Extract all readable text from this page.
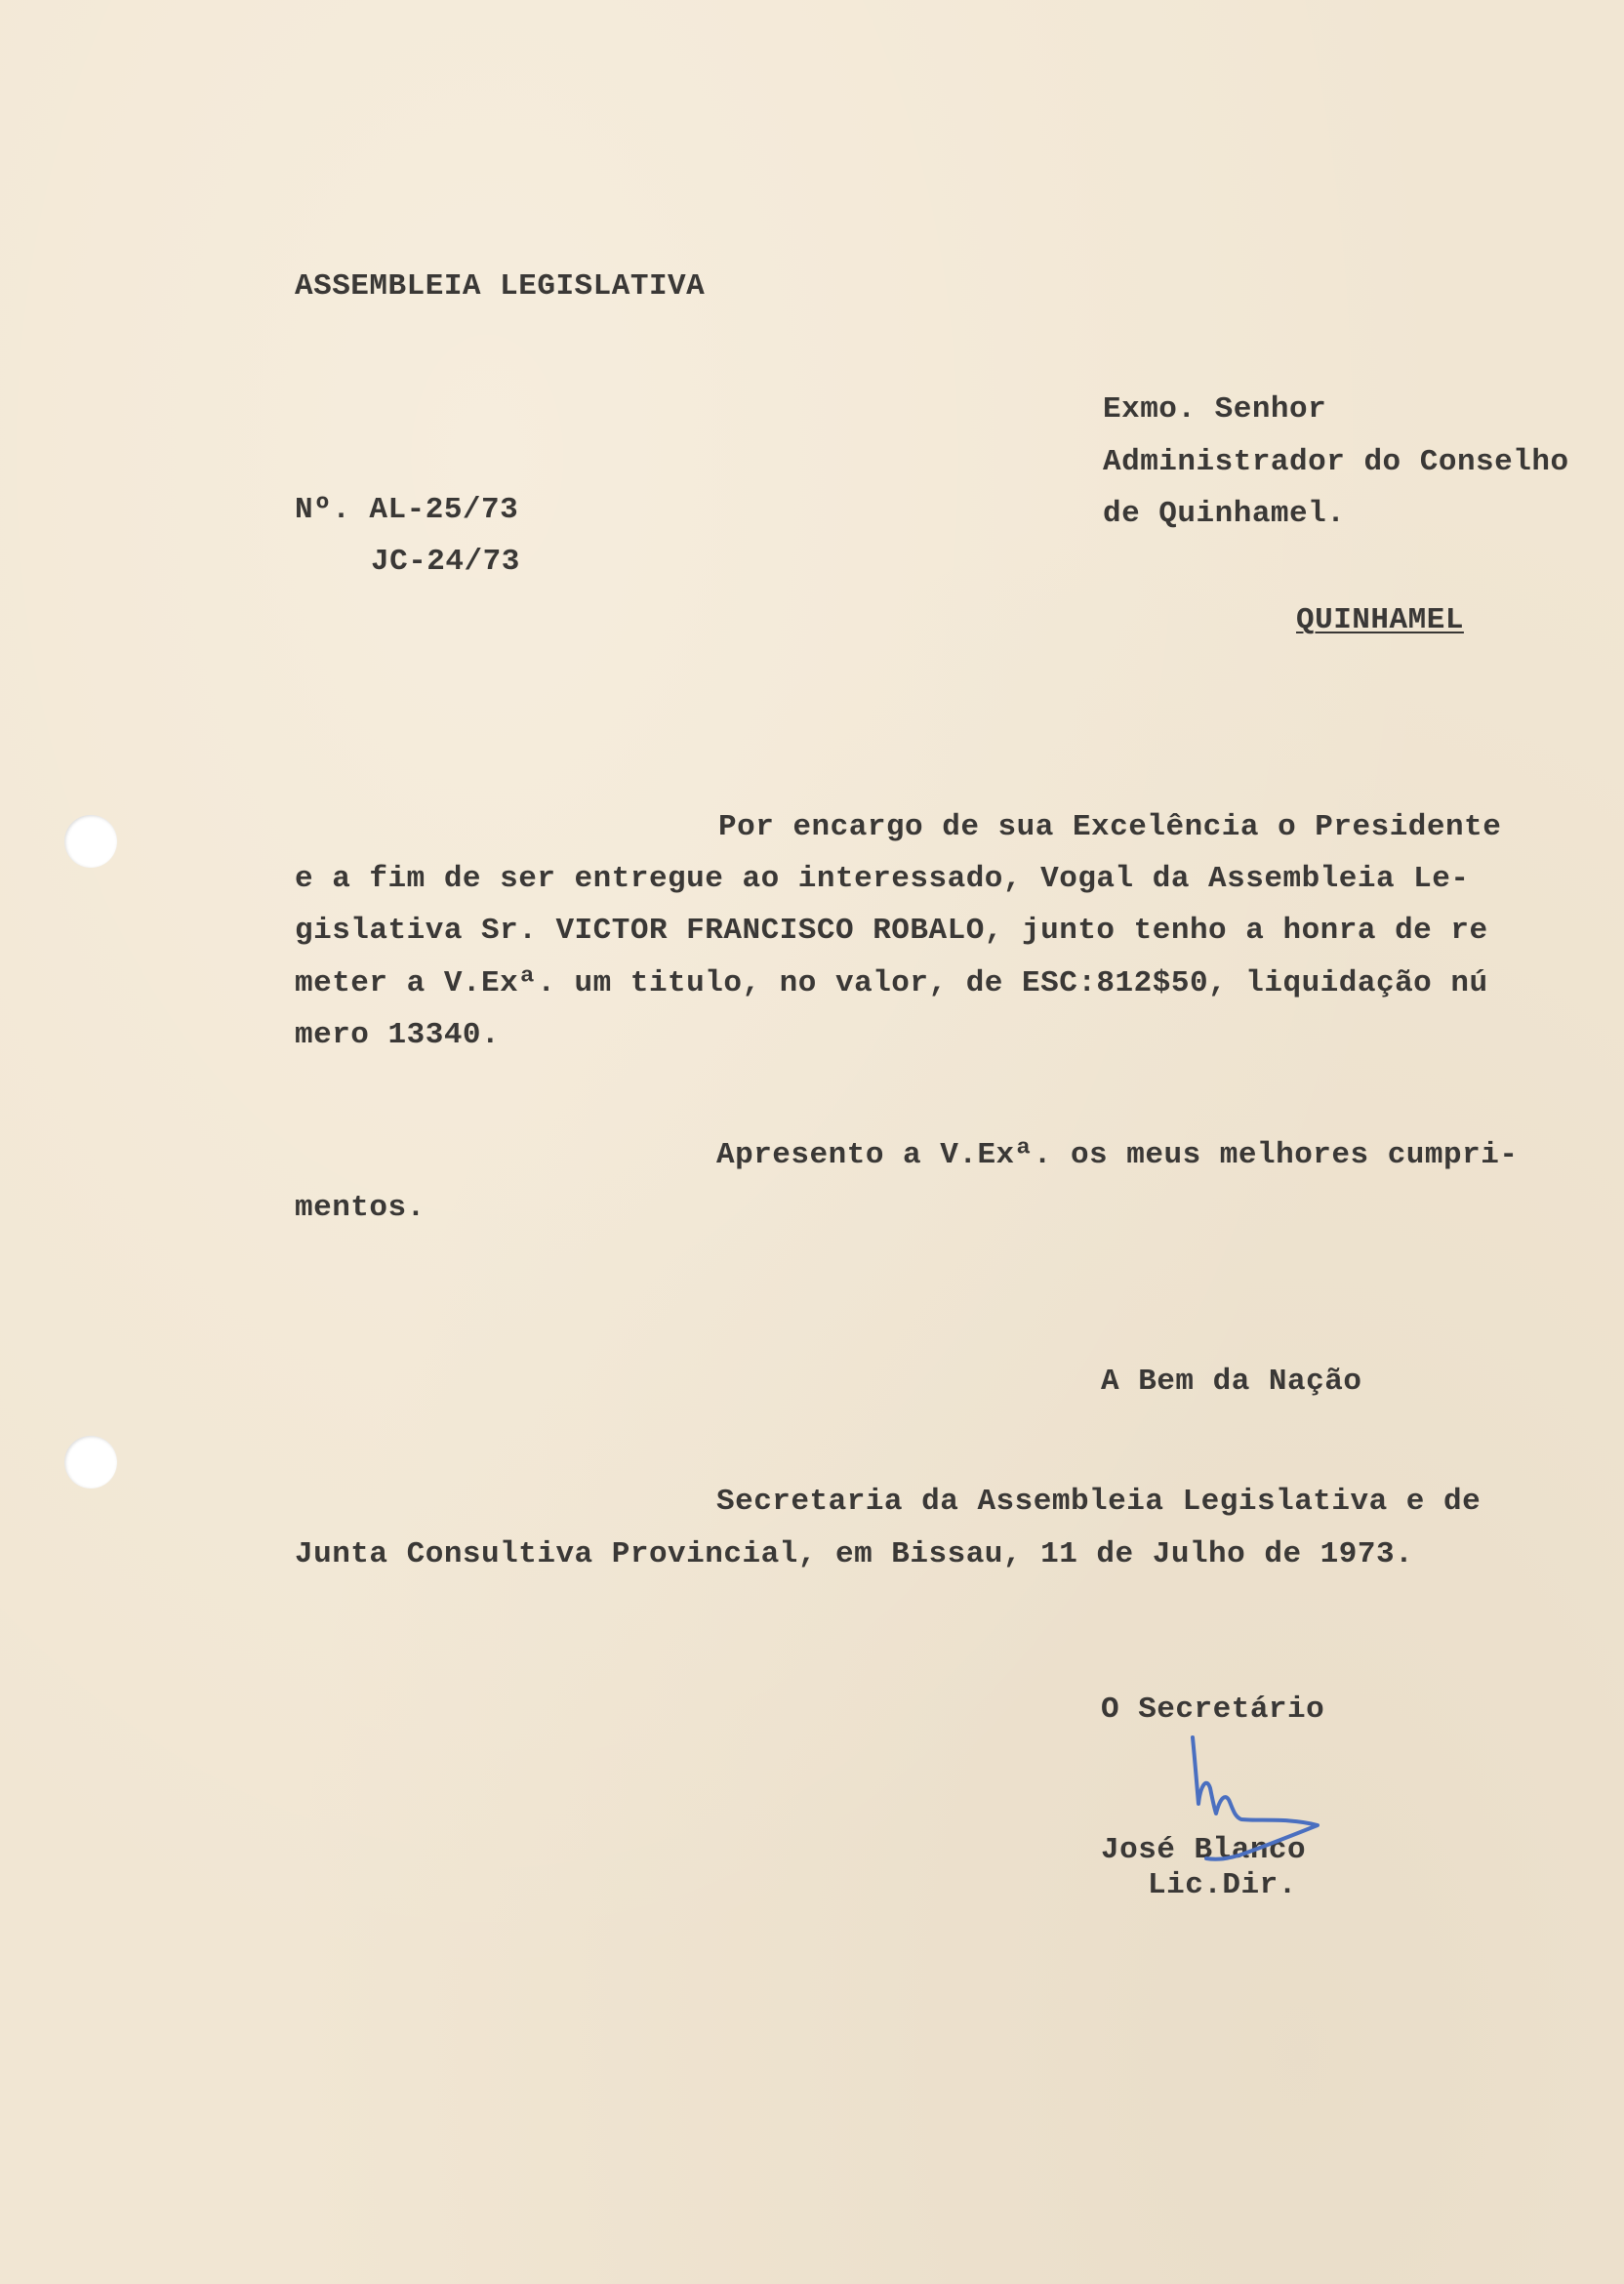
ASSEMBLEIA LEGISLATIVA
Exmo. Senhor
Administrador do Conselho
de Quinhamel.
QUINHAMEL
Nº. AL-25/73
JC-24/73
Por encargo de sua Excelência o Presidente
e a fim de ser entregue ao interessado, Vogal da Assembleia Le-
gislativa Sr. VICTOR FRANCISCO ROBALO, junto tenho a honra de re
meter a V.Exª. um titulo, no valor, de ESC:812$50, liquidação nú
mero 13340.
Apresento a V.Exª. os meus melhores cumpri-
mentos.
A Bem da Nação
Secretaria da Assembleia Legislativa e de
Junta Consultiva Provincial, em Bissau, 11 de Julho de 1973.
O Secretário
José Blanco
Lic.Dir.
